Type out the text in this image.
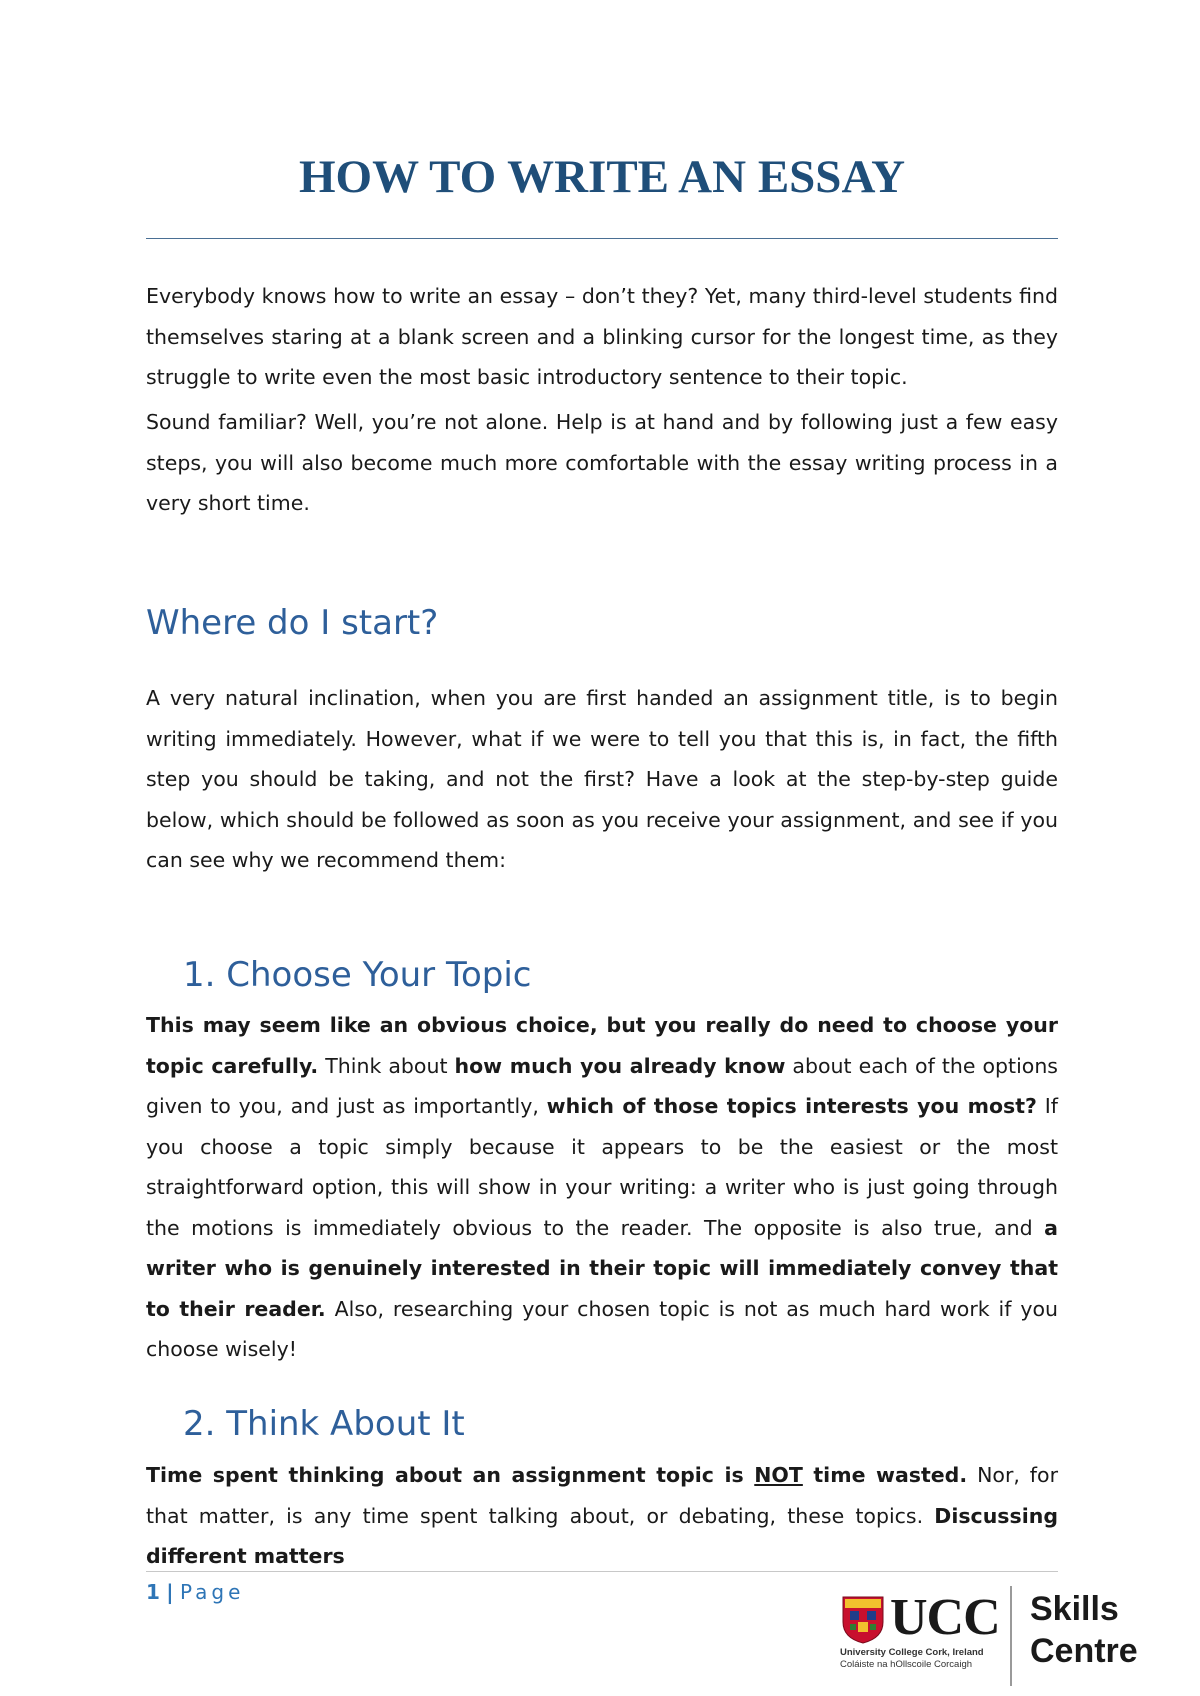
HOW TO WRITE AN ESSAY

Everybody knows how to write an essay – don’t they? Yet, many third-level students find themselves staring at a blank screen and a blinking cursor for the longest time, as they struggle to write even the most basic introductory sentence to their topic.

Sound familiar? Well, you’re not alone. Help is at hand and by following just a few easy steps, you will also become much more comfortable with the essay writing process in a very short time.

Where do I start?

A very natural inclination, when you are first handed an assignment title, is to begin writing immediately. However, what if we were to tell you that this is, in fact, the fifth step you should be taking, and not the first? Have a look at the step-by-step guide below, which should be followed as soon as you receive your assignment, and see if you can see why we recommend them:

1. Choose Your Topic

This may seem like an obvious choice, but you really do need to choose your topic carefully. Think about how much you already know about each of the options given to you, and just as importantly, which of those topics interests you most? If you choose a topic simply because it appears to be the easiest or the most straightforward option, this will show in your writing: a writer who is just going through the motions is immediately obvious to the reader. The opposite is also true, and a writer who is genuinely interested in their topic will immediately convey that to their reader. Also, researching your chosen topic is not as much hard work if you choose wisely!

2. Think About It

Time spent thinking about an assignment topic is NOT time wasted. Nor, for that matter, is any time spent talking about, or debating, these topics. Discussing different matters

1 | Page	UCC
University College Cork, Ireland
Coláiste na hOllscoile Corcaigh
Skills
Centre
